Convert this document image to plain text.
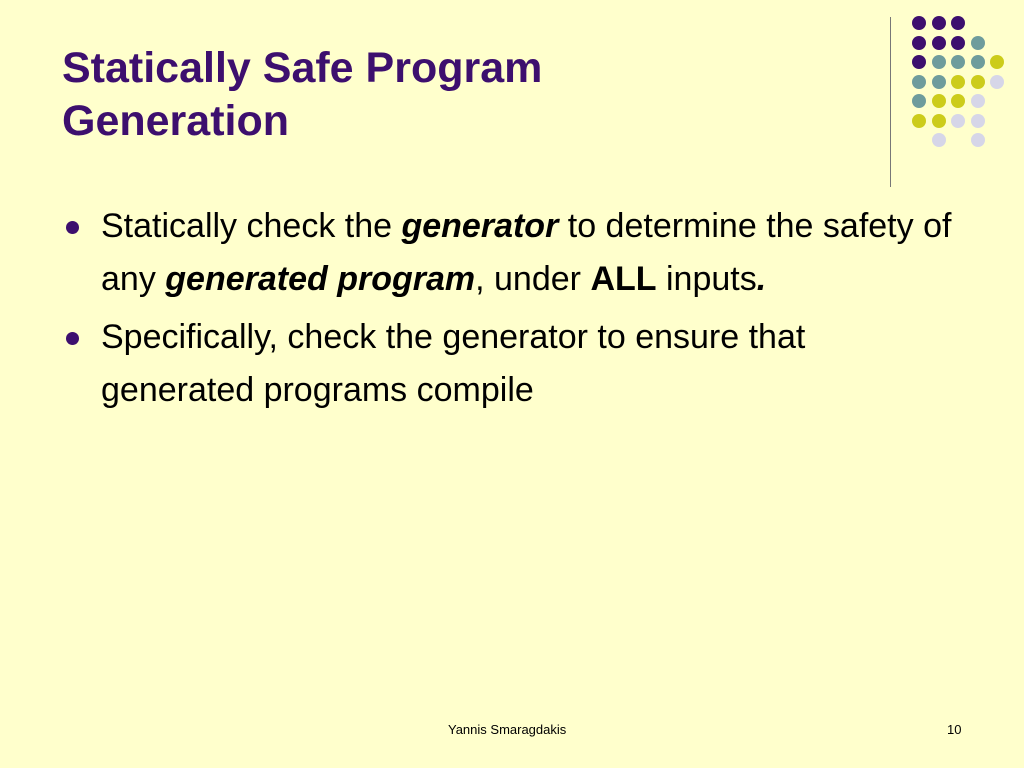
Statically Safe Program
Generation
Statically check the generator to determine the safety of any generated program, under ALL inputs.
Specifically, check the generator to ensure that generated programs compile
Yannis Smaragdakis	10
